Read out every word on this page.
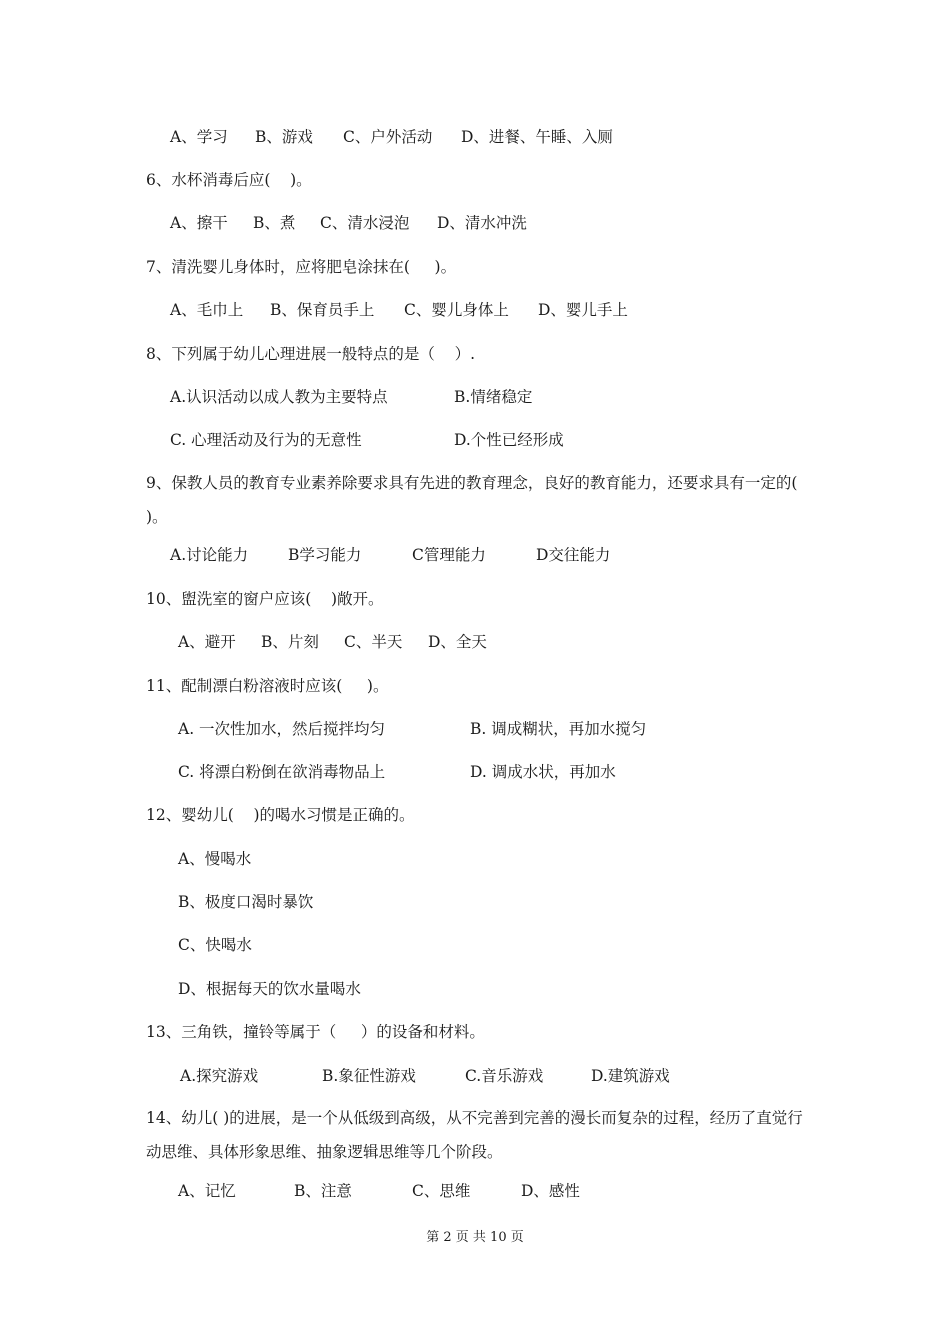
A、学习 B、游戏 C、户外活动 D、进餐、午睡、入厕
6、水杯消毒后应(    )。
A、擦干 B、煮 C、清水浸泡 D、清水冲洗
7、清洗婴儿身体时，应将肥皂涂抹在(     )。
A、毛巾上 B、保育员手上 C、婴儿身体上 D、婴儿手上
8、下列属于幼儿心理进展一般特点的是（    ）.
A.认识活动以成人教为主要特点	B.情绪稳定
C. 心理活动及行为的无意性	D.个性已经形成
9、保教人员的教育专业素养除要求具有先进的教育理念，良好的教育能力，还要求具有一定的( )。
A.讨论能力	B学习能力	C管理能力	D交往能力
10、盥洗室的窗户应该(    )敞开。
A、避开 B、片刻 C、半天 D、全天
11、配制漂白粉溶液时应该(     )。
A. 一次性加水，然后搅拌均匀	B. 调成糊状，再加水搅匀
C. 将漂白粉倒在欲消毒物品上	D. 调成水状，再加水
12、婴幼儿(    )的喝水习惯是正确的。
A、慢喝水
B、极度口渴时暴饮
C、快喝水
D、根据每天的饮水量喝水
13、三角铁，撞铃等属于（     ）的设备和材料。
A.探究游戏	B.象征性游戏	C.音乐游戏	D.建筑游戏
14、幼儿( )的进展，是一个从低级到高级，从不完善到完善的漫长而复杂的过程，经历了直觉行动思维、具体形象思维、抽象逻辑思维等几个阶段。
A、记忆	B、注意	C、思维	D、感性
第 2 页 共 10 页
